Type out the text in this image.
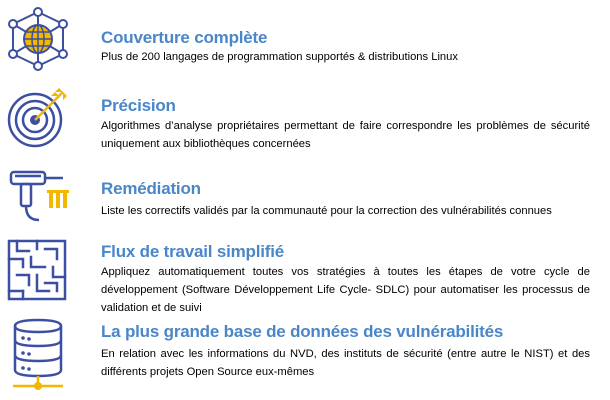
Couverture complète

Plus de 200 langages de programmation supportés & distributions Linux

Précision

Algorithmes d’analyse propriétaires permettant de faire correspondre les problèmes de sécurité uniquement aux bibliothèques concernées

Remédiation

Liste les correctifs validés par la communauté pour la correction des vulnérabilités connues

Flux de travail simplifié

Appliquez automatiquement toutes vos stratégies à toutes les étapes de votre cycle de développement (Software Développement Life Cycle- SDLC) pour automatiser les processus de validation et de suivi

La plus grande base de données des vulnérabilités

En relation avec les informations du NVD, des instituts de sécurité (entre autre le NIST) et des différents projets Open Source eux-mêmes
